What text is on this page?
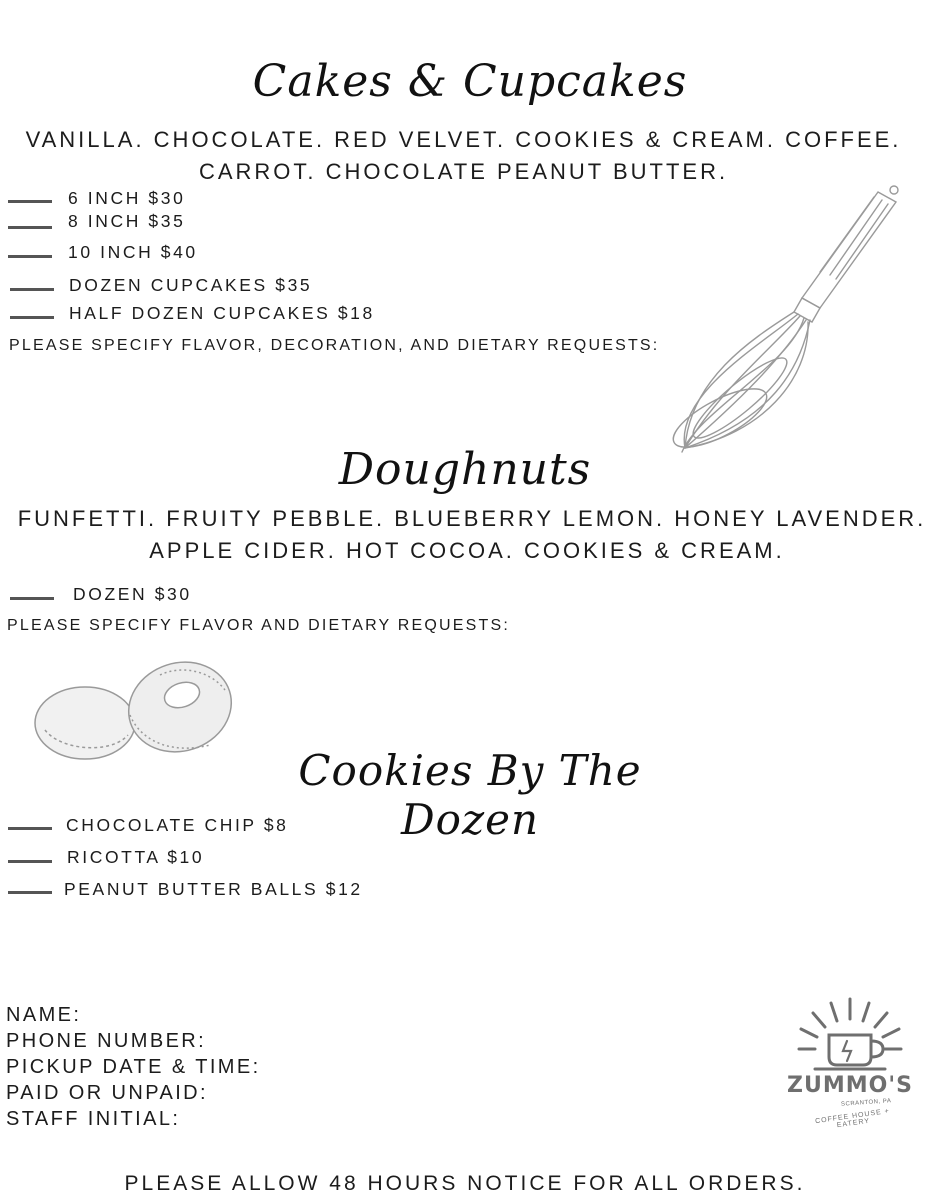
Cakes & Cupcakes
VANILLA. CHOCOLATE. RED VELVET. COOKIES & CREAM. COFFEE.
CARROT. CHOCOLATE PEANUT BUTTER.
6 INCH $30
8 INCH $35
10 INCH $40
DOZEN CUPCAKES $35
HALF DOZEN CUPCAKES $18
PLEASE SPECIFY FLAVOR, DECORATION, AND DIETARY REQUESTS:
Doughnuts
FUNFETTI. FRUITY PEBBLE. BLUEBERRY LEMON. HONEY LAVENDER.
APPLE CIDER. HOT COCOA. COOKIES & CREAM.
DOZEN $30
PLEASE SPECIFY FLAVOR AND DIETARY REQUESTS:
Cookies By The Dozen
CHOCOLATE CHIP $8
RICOTTA $10
PEANUT BUTTER BALLS $12
NAME:
PHONE NUMBER:
PICKUP DATE & TIME:
PAID OR UNPAID:
STAFF INITIAL:
ZUMMO'S
SCRANTON, PA
COFFEE HOUSE + EATERY
PLEASE ALLOW 48 HOURS NOTICE FOR ALL ORDERS.
